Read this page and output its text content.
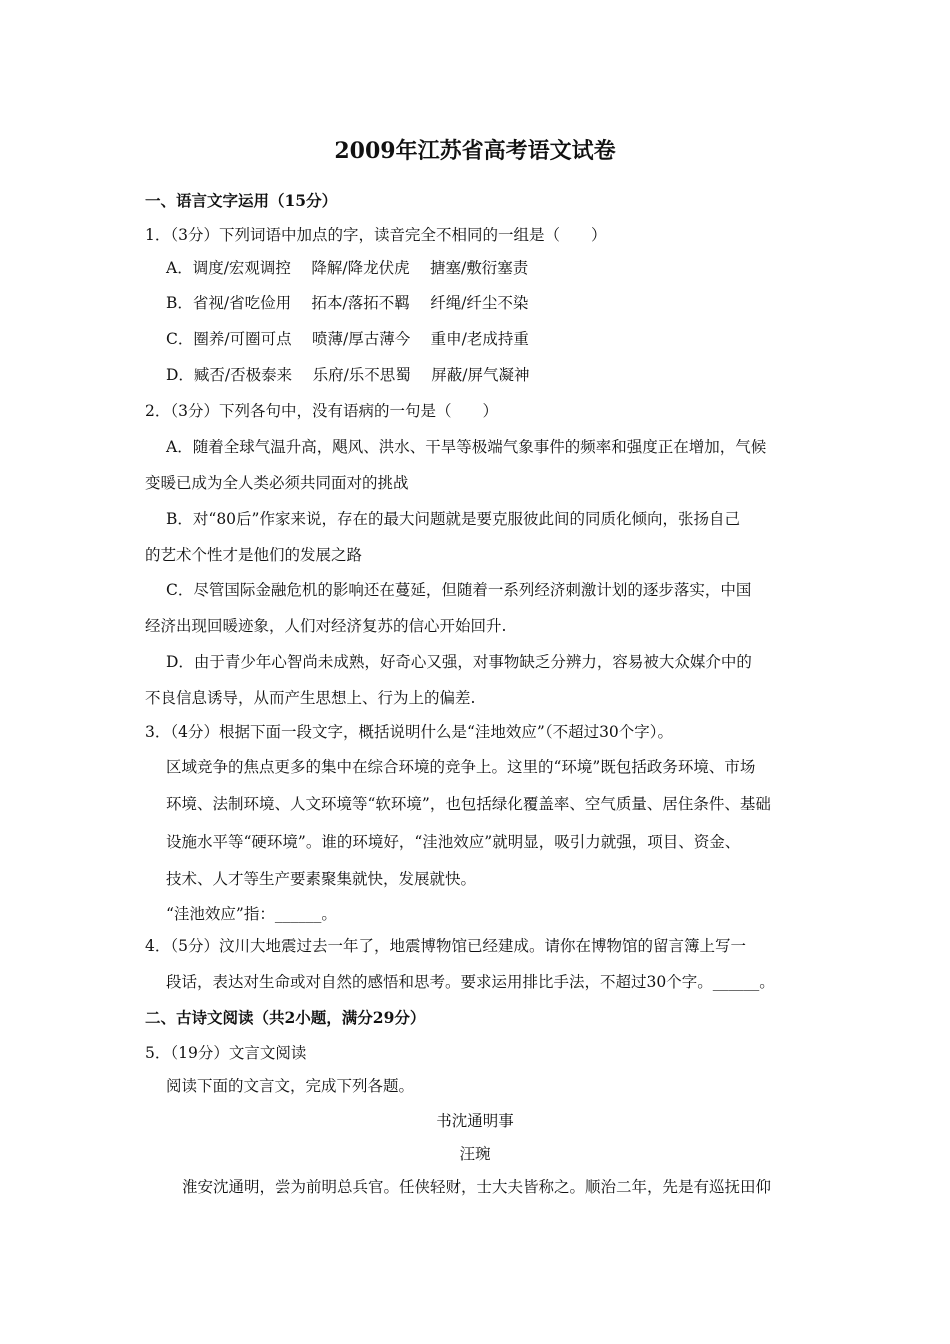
2009年江苏省高考语文试卷
一、语言文字运用（15分）
1．（3分）下列词语中加点的字，读音完全不相同的一组是（　　）
A．调度/宏观调控　 降解/降龙伏虎　 搪塞/敷衍塞责
B．省视/省吃俭用　 拓本/落拓不羁　 纤绳/纤尘不染
C．圈养/可圈可点　 喷薄/厚古薄今　 重申/老成持重
D．臧否/否极泰来　 乐府/乐不思蜀　 屏蔽/屏气凝神
2．（3分）下列各句中，没有语病的一句是（　　）
A．随着全球气温升高，飓风、洪水、干旱等极端气象事件的频率和强度正在增加，气候
变暖已成为全人类必须共同面对的挑战
B．对“80后”作家来说，存在的最大问题就是要克服彼此间的同质化倾向，张扬自己
的艺术个性才是他们的发展之路
C．尽管国际金融危机的影响还在蔓延，但随着一系列经济刺激计划的逐步落实，中国
经济出现回暖迹象，人们对经济复苏的信心开始回升.
D．由于青少年心智尚未成熟，好奇心又强，对事物缺乏分辨力，容易被大众媒介中的
不良信息诱导，从而产生思想上、行为上的偏差.
3．（4分）根据下面一段文字，概括说明什么是“洼地效应”（不超过30个字）。
区域竞争的焦点更多的集中在综合环境的竞争上。这里的“环境”既包括政务环境、市场
环境、法制环境、人文环境等“软环境”，也包括绿化覆盖率、空气质量、居住条件、基础
设施水平等“硬环境”。谁的环境好，“洼池效应”就明显，吸引力就强，项目、资金、
技术、人才等生产要素聚集就快，发展就快。
“洼池效应”指：______。
4．（5分）汶川大地震过去一年了，地震博物馆已经建成。请你在博物馆的留言簿上写一
段话，表达对生命或对自然的感悟和思考。要求运用排比手法，不超过30个字。______。
二、古诗文阅读（共2小题，满分29分）
5．（19分）文言文阅读
阅读下面的文言文，完成下列各题。
书沈通明事
汪琬
淮安沈通明，尝为前明总兵官。任侠轻财，士大夫皆称之。顺治二年，先是有巡抚田仰
